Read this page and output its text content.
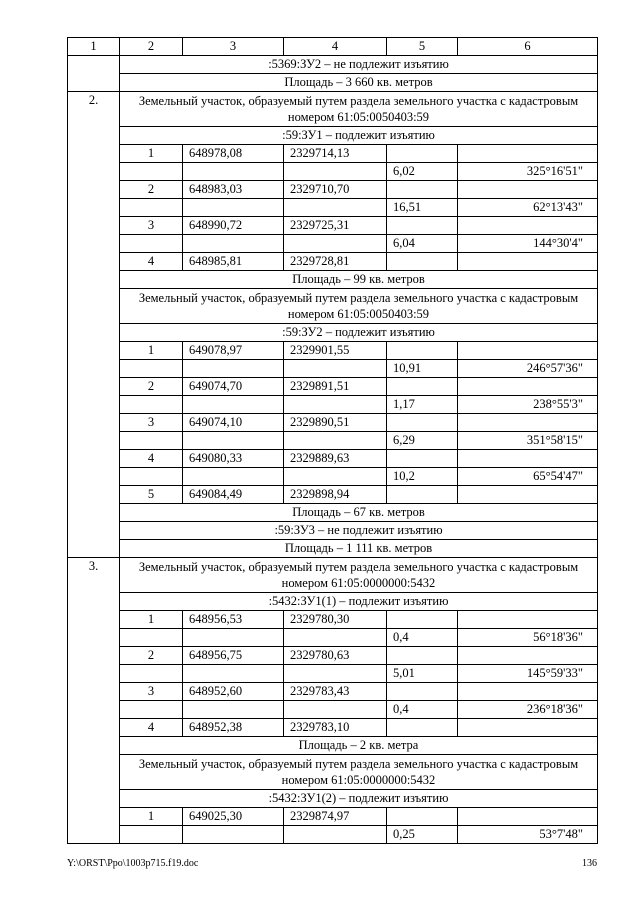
1	2	3	4	5	6
	:5369:ЗУ2 – не подлежит изъятию				
	Площадь – 3 660 кв. метров				
2.	Земельный участок, образуемый путем раздела земельного участка с кадастровым номером 61:05:0050403:59				
	:59:ЗУ1 – подлежит изъятию				
	1	648978,08	2329714,13		
				6,02	325°16'51"
	2	648983,03	2329710,70		
				16,51	62°13'43"
	3	648990,72	2329725,31		
				6,04	144°30'4"
	4	648985,81	2329728,81		
	Площадь – 99 кв. метров				
	Земельный участок, образуемый путем раздела земельного участка с кадастровым номером 61:05:0050403:59				
	:59:ЗУ2 – подлежит изъятию				
	1	649078,97	2329901,55		
				10,91	246°57'36"
	2	649074,70	2329891,51		
				1,17	238°55'3"
	3	649074,10	2329890,51		
				6,29	351°58'15"
	4	649080,33	2329889,63		
				10,2	65°54'47"
	5	649084,49	2329898,94		
	Площадь – 67 кв. метров				
	:59:ЗУ3 – не подлежит изъятию				
	Площадь – 1 111 кв. метров				
3.	Земельный участок, образуемый путем раздела земельного участка с кадастровым номером 61:05:0000000:5432				
	:5432:ЗУ1(1) – подлежит изъятию				
	1	648956,53	2329780,30		
				0,4	56°18'36"
	2	648956,75	2329780,63		
				5,01	145°59'33"
	3	648952,60	2329783,43		
				0,4	236°18'36"
	4	648952,38	2329783,10		
	Площадь – 2 кв. метра				
	Земельный участок, образуемый путем раздела земельного участка с кадастровым номером 61:05:0000000:5432				
	:5432:ЗУ1(2) – подлежит изъятию				
	1	649025,30	2329874,97		
				0,25	53°7'48"
Y:\ORST\Ppo\1003p715.f19.doc	136
